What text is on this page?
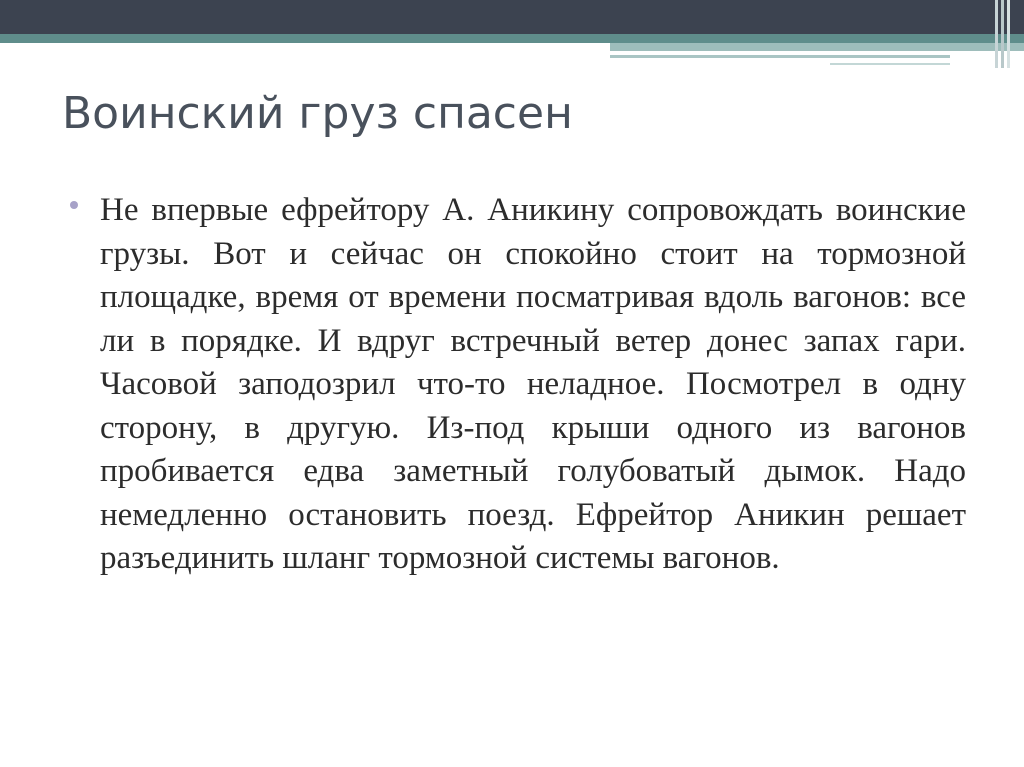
Воинский груз спасен

Не впервые ефрейтору А. Аникину сопровождать воинские грузы. Вот и сейчас он спокойно стоит на тормозной площадке, время от времени посматривая вдоль вагонов: все ли в порядке. И вдруг встречный ветер донес запах гари. Часовой заподозрил что-то неладное. Посмотрел в одну сторону, в другую. Из-под крыши одного из вагонов пробивается едва заметный голубоватый дымок. Надо немедленно остановить поезд. Ефрейтор Аникин решает разъединить шланг тормозной системы вагонов.
